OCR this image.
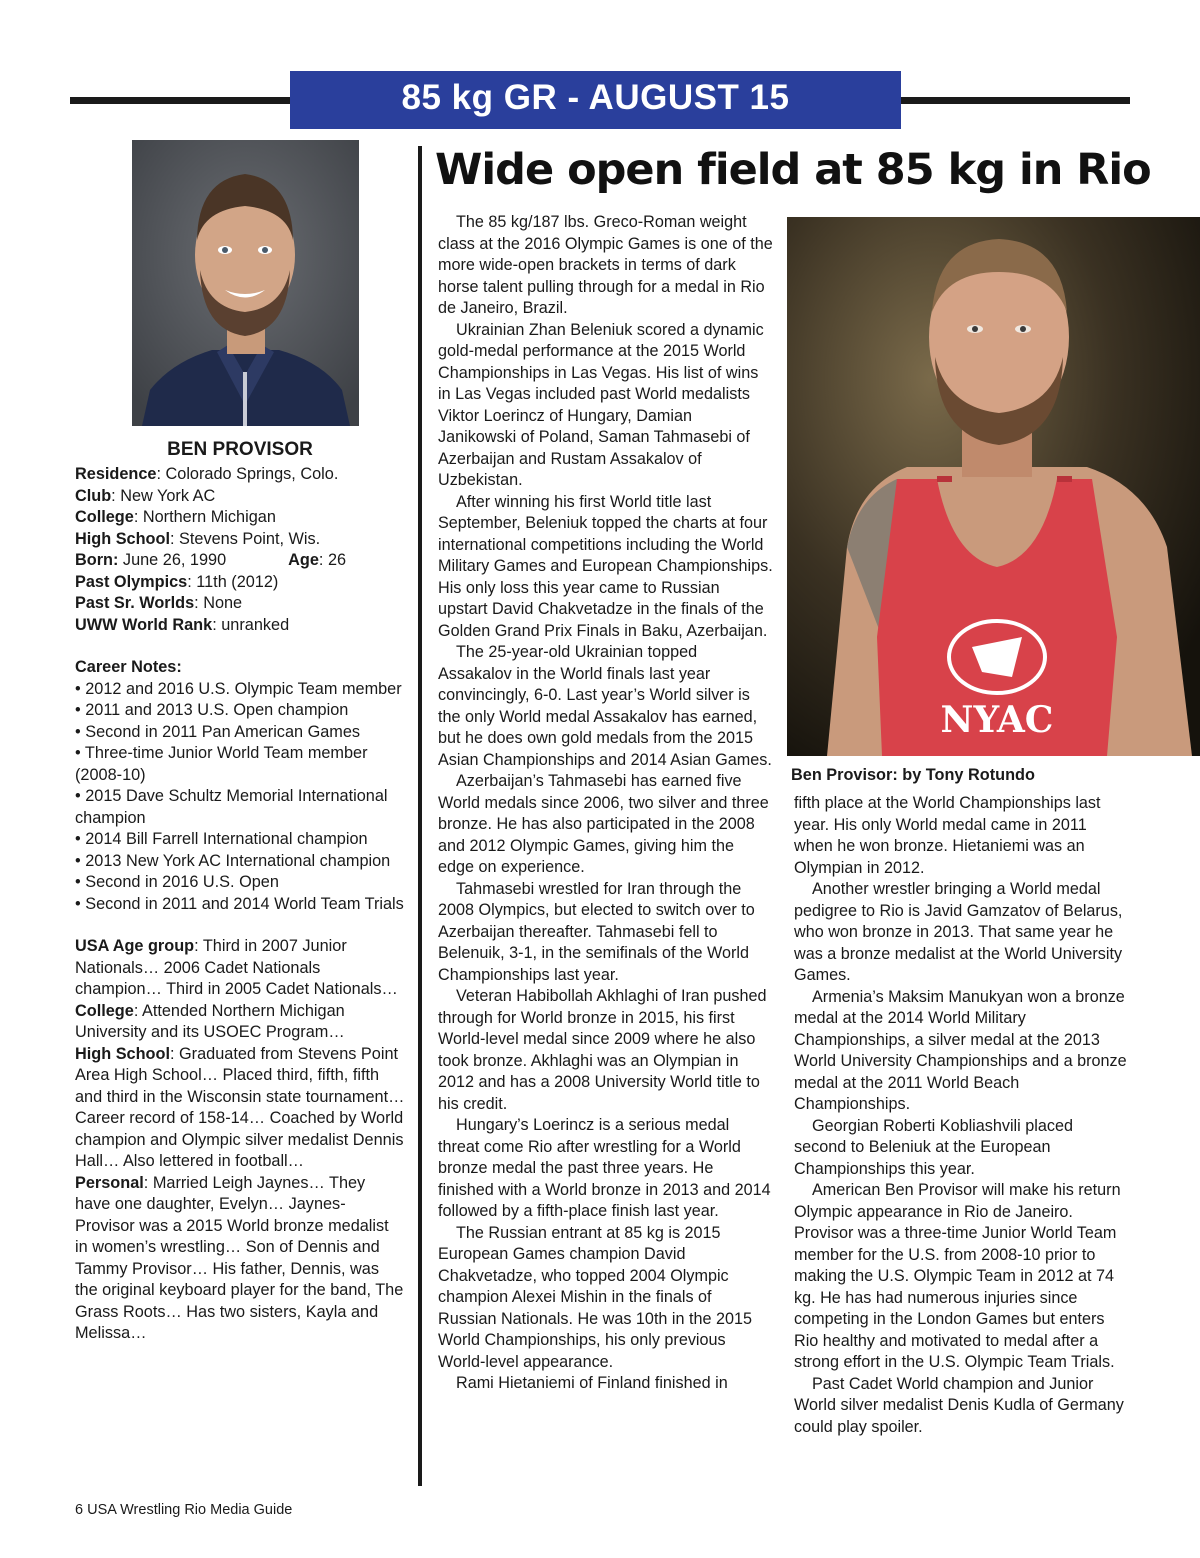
85 kg GR - AUGUST 15
BEN PROVISOR

Residence: Colorado Springs, Colo.

Club: New York AC

College: Northern Michigan

High School: Stevens Point, Wis.

Born: June 26, 1990	Age: 26

Past Olympics: 11th (2012)

Past Sr. Worlds: None

UWW World Rank: unranked

Career Notes:

• 2012 and 2016 U.S. Olympic Team member

• 2011 and 2013 U.S. Open champion

• Second in 2011 Pan American Games

• Three-time Junior World Team member (2008-10)

• 2015 Dave Schultz Memorial International champion

• 2014 Bill Farrell International champion

• 2013 New York AC International champion

• Second in 2016 U.S. Open

• Second in 2011 and 2014 World Team Trials

USA Age group: Third in 2007 Junior Nationals… 2006 Cadet Nationals champion… Third in 2005 Cadet Nationals…

College: Attended Northern Michigan University and its USOEC Program…

High School: Graduated from Stevens Point Area High School… Placed third, fifth, fifth and third in the Wisconsin state tournament… Career record of 158-14… Coached by World champion and Olympic silver medalist Dennis Hall… Also lettered in football…

Personal: Married Leigh Jaynes… They have one daughter, Evelyn… Jaynes-Provisor was a 2015 World bronze medalist in women’s wrestling… Son of Dennis and Tammy Provisor… His father, Dennis, was the original keyboard player for the band, The Grass Roots… Has two sisters, Kayla and Melissa…

Wide open field at 85 kg in Rio

The 85 kg/187 lbs. Greco-Roman weight class at the 2016 Olympic Games is one of the more wide-open brackets in terms of dark horse talent pulling through for a medal in Rio de Janeiro, Brazil.

Ukrainian Zhan Beleniuk scored a dynamic gold-medal performance at the 2015 World Championships in Las Vegas. His list of wins in Las Vegas included past World medalists Viktor Loerincz of Hungary, Damian Janikowski of Poland, Saman Tahmasebi of Azerbaijan and Rustam Assakalov of Uzbekistan.

After winning his first World title last September, Beleniuk topped the charts at four international competitions including the World Military Games and European Championships. His only loss this year came to Russian upstart David Chakvetadze in the finals of the Golden Grand Prix Finals in Baku, Azerbaijan.

The 25-year-old Ukrainian topped Assakalov in the World finals last year convincingly, 6-0. Last year’s World silver is the only World medal Assakalov has earned, but he does own gold medals from the 2015 Asian Championships and 2014 Asian Games.

Azerbaijan’s Tahmasebi has earned five World medals since 2006, two silver and three bronze. He has also participated in the 2008 and 2012 Olympic Games, giving him the edge on experience.

Tahmasebi wrestled for Iran through the 2008 Olympics, but elected to switch over to Azerbaijan thereafter. Tahmasebi fell to Belenuik, 3-1, in the semifinals of the World Championships last year.

Veteran Habibollah Akhlaghi of Iran pushed through for World bronze in 2015, his first World-level medal since 2009 where he also took bronze. Akhlaghi was an Olympian in 2012 and has a 2008 University World title to his credit.

Hungary’s Loerincz is a serious medal threat come Rio after wrestling for a World bronze medal the past three years. He finished with a World bronze in 2013 and 2014 followed by a fifth-place finish last year.

The Russian entrant at 85 kg is 2015 European Games champion David Chakvetadze, who topped 2004 Olympic champion Alexei Mishin in the finals of Russian Nationals. He was 10th in the 2015 World Championships, his only previous World-level appearance.

Rami Hietaniemi of Finland finished in

NYAC
Ben Provisor: by Tony Rotundo

fifth place at the World Championships last year. His only World medal came in 2011 when he won bronze. Hietaniemi was an Olympian in 2012.

Another wrestler bringing a World medal pedigree to Rio is Javid Gamzatov of Belarus, who won bronze in 2013. That same year he was a bronze medalist at the World University Games.

Armenia’s Maksim Manukyan won a bronze medal at the 2014 World Military Championships, a silver medal at the 2013 World University Championships and a bronze medal at the 2011 World Beach Championships.

Georgian Roberti Kobliashvili placed second to Beleniuk at the European Championships this year.

American Ben Provisor will make his return Olympic appearance in Rio de Janeiro. Provisor was a three-time Junior World Team member for the U.S. from 2008-10 prior to making the U.S. Olympic Team in 2012 at 74 kg. He has had numerous injuries since competing in the London Games but enters Rio healthy and motivated to medal after a strong effort in the U.S. Olympic Team Trials.

Past Cadet World champion and Junior World silver medalist Denis Kudla of Germany could play spoiler.

6 USA Wrestling Rio Media Guide
